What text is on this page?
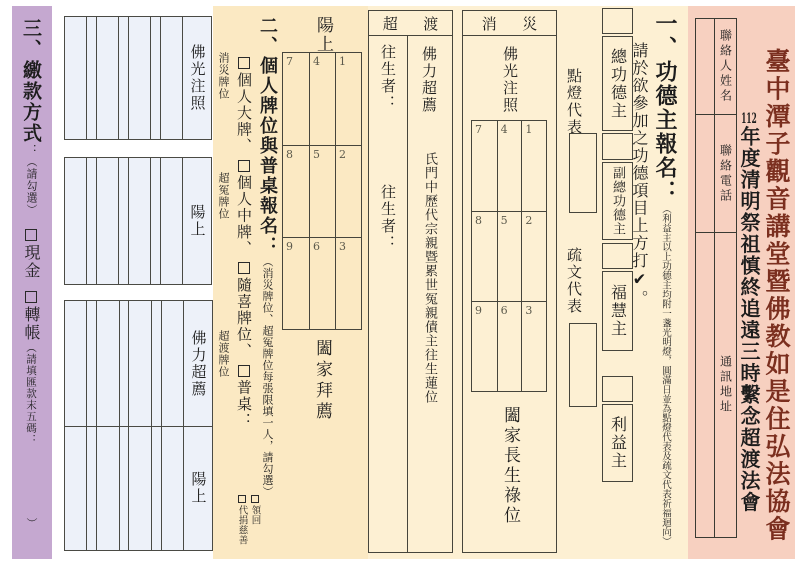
三、繳款方式：（請勾選）現金轉帳（請填匯款末五碼：）
佛光注照
陽上
佛力超薦
陽上
消災牌位
超冤牌位
超渡牌位
個人大牌、個人中牌、隨喜牌位、普桌：
領回
代捐慈善
二、個人牌位與普桌報名：（消災牌位、超冤牌位每張限填一人，請勾選）
陽上
7 4 1
8 5 2
9 6 3
闔家拜薦
超渡
往生者：
往生者：
佛力超薦
氏門中歷代宗親暨累世冤親債主往生蓮位
消災
佛光注照
7 4 1
8 5 2
9 6 3
闔家長生祿位
點燈代表
疏文代表
總功德主
副總功德主
福慧主
利益主
請於欲參加之功德項目上方打✔。 一、功德主報名：（利益主以上功德主均附一盞光明燈，圓滿日並為點燈代表及疏文代表祈福迴向）
聯絡人姓名
聯絡電話
通訊地址
112年度清明祭祖慎終追遠三時繫念超渡法會 臺中潭子觀音講堂暨佛教如是住弘法協會
